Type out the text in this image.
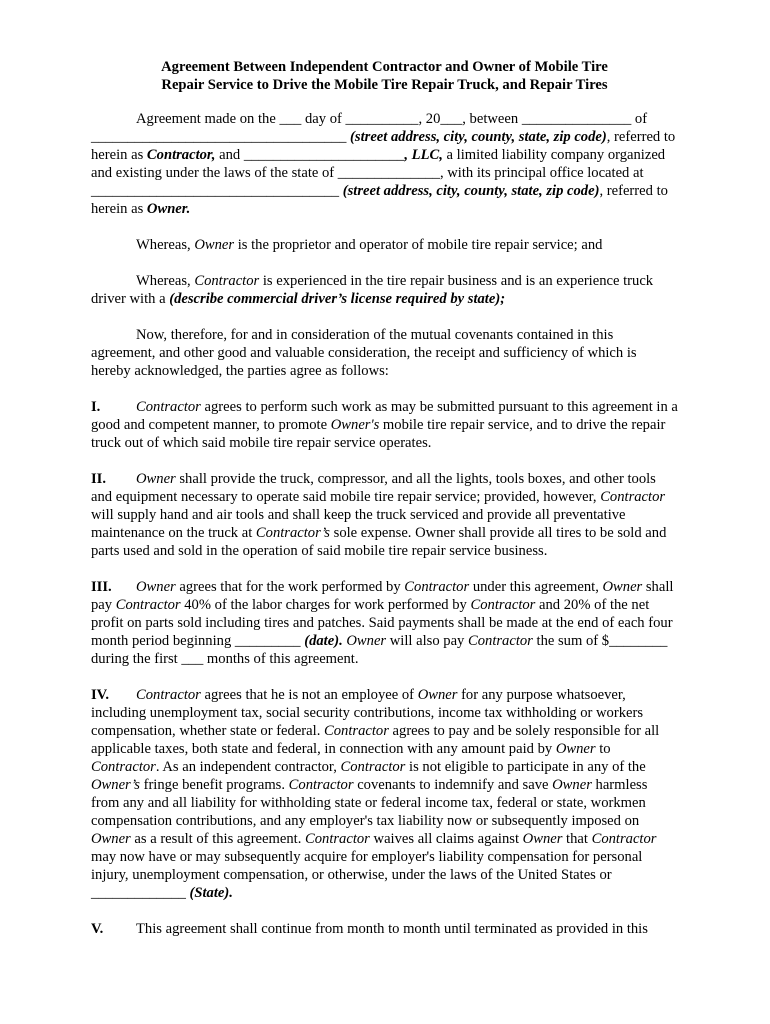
Agreement Between Independent Contractor and Owner of Mobile Tire
Repair Service to Drive the Mobile Tire Repair Truck, and Repair Tires

Agreement made on the ___ day of __________, 20___, between _______________ of ___________________________________ (street address, city, county, state, zip code), referred to herein as Contractor, and ______________________, LLC, a limited liability company organized and existing under the laws of the state of ______________, with its principal office located at __________________________________ (street address, city, county, state, zip code), referred to herein as Owner.

Whereas, Owner is the proprietor and operator of mobile tire repair service; and

Whereas, Contractor is experienced in the tire repair business and is an experience truck driver with a (describe commercial driver’s license required by state);

Now, therefore, for and in consideration of the mutual covenants contained in this agreement, and other good and valuable consideration, the receipt and sufficiency of which is hereby acknowledged, the parties agree as follows:

I. Contractor agrees to perform such work as may be submitted pursuant to this agreement in a good and competent manner, to promote Owner's mobile tire repair service, and to drive the repair truck out of which said mobile tire repair service operates.

II. Owner shall provide the truck, compressor, and all the lights, tools boxes, and other tools and equipment necessary to operate said mobile tire repair service; provided, however, Contractor will supply hand and air tools and shall keep the truck serviced and provide all preventative maintenance on the truck at Contractor’s sole expense. Owner shall provide all tires to be sold and parts used and sold in the operation of said mobile tire repair service business.

III. Owner agrees that for the work performed by Contractor under this agreement, Owner shall pay Contractor 40% of the labor charges for work performed by Contractor and 20% of the net profit on parts sold including tires and patches. Said payments shall be made at the end of each four month period beginning _________ (date). Owner will also pay Contractor the sum of $________ during the first ___ months of this agreement.

IV. Contractor agrees that he is not an employee of Owner for any purpose whatsoever, including unemployment tax, social security contributions, income tax withholding or workers compensation, whether state or federal. Contractor agrees to pay and be solely responsible for all applicable taxes, both state and federal, in connection with any amount paid by Owner to Contractor. As an independent contractor, Contractor is not eligible to participate in any of the Owner’s fringe benefit programs. Contractor covenants to indemnify and save Owner harmless from any and all liability for withholding state or federal income tax, federal or state, workmen compensation contributions, and any employer's tax liability now or subsequently imposed on Owner as a result of this agreement. Contractor waives all claims against Owner that Contractor may now have or may subsequently acquire for employer's liability compensation for personal injury, unemployment compensation, or otherwise, under the laws of the United States or _____________ (State).

V. This agreement shall continue from month to month until terminated as provided in this
